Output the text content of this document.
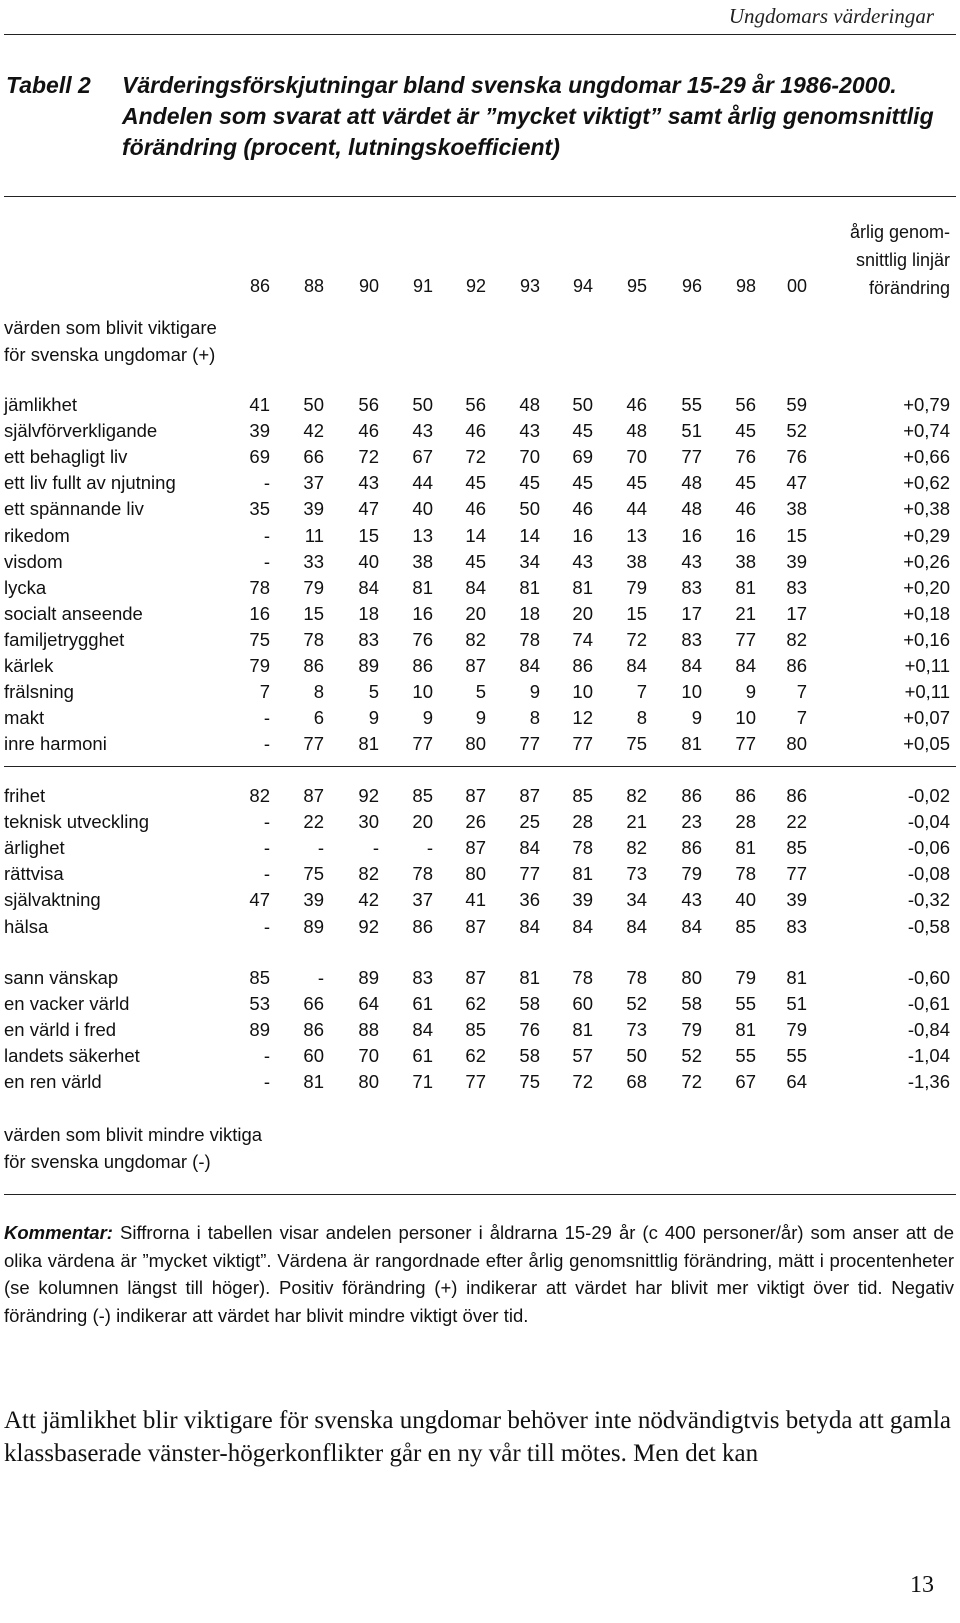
Ungdomars värderingar
Tabell 2	Värderingsförskjutningar bland svenska ungdomar 15-29 år 1986-2000. Andelen som svarat att värdet är ”mycket viktigt” samt årlig genomsnittlig förändring (procent, lutningskoefficient)
årlig genom-
snittlig linjär
förändring
värden som blivit viktigare
för svenska ungdomar (+)
värden som blivit mindre viktiga
för svenska ungdomar (-)
86	88	90	91	92	93	94	95	96	98	00
jämlikhet	41	50	56	50	56	48	50	46	55	56	59	+0,79
självförverkligande	39	42	46	43	46	43	45	48	51	45	52	+0,74
ett behagligt liv	69	66	72	67	72	70	69	70	77	76	76	+0,66
ett liv fullt av njutning	-	37	43	44	45	45	45	45	48	45	47	+0,62
ett spännande liv	35	39	47	40	46	50	46	44	48	46	38	+0,38
rikedom	-	11	15	13	14	14	16	13	16	16	15	+0,29
visdom	-	33	40	38	45	34	43	38	43	38	39	+0,26
lycka	78	79	84	81	84	81	81	79	83	81	83	+0,20
socialt anseende	16	15	18	16	20	18	20	15	17	21	17	+0,18
familjetrygghet	75	78	83	76	82	78	74	72	83	77	82	+0,16
kärlek	79	86	89	86	87	84	86	84	84	84	86	+0,11
frälsning	7	8	5	10	5	9	10	7	10	9	7	+0,11
makt	-	6	9	9	9	8	12	8	9	10	7	+0,07
inre harmoni	-	77	81	77	80	77	77	75	81	77	80	+0,05
frihet	82	87	92	85	87	87	85	82	86	86	86	-0,02
teknisk utveckling	-	22	30	20	26	25	28	21	23	28	22	-0,04
ärlighet	-	-	-	-	87	84	78	82	86	81	85	-0,06
rättvisa	-	75	82	78	80	77	81	73	79	78	77	-0,08
självaktning	47	39	42	37	41	36	39	34	43	40	39	-0,32
hälsa	-	89	92	86	87	84	84	84	84	85	83	-0,58
sann vänskap	85	-	89	83	87	81	78	78	80	79	81	-0,60
en vacker värld	53	66	64	61	62	58	60	52	58	55	51	-0,61
en värld i fred	89	86	88	84	85	76	81	73	79	81	79	-0,84
landets säkerhet	-	60	70	61	62	58	57	50	52	55	55	-1,04
en ren värld	-	81	80	71	77	75	72	68	72	67	64	-1,36
Kommentar: Siffrorna i tabellen visar andelen personer i åldrarna 15-29 år (c 400 personer/år) som anser att de olika värdena är ”mycket viktigt”. Värdena är rangordnade efter årlig genomsnittlig förändring, mätt i procentenheter (se kolumnen längst till höger). Positiv förändring (+) indikerar att värdet har blivit mer viktigt över tid. Negativ förändring (-) indikerar att värdet har blivit mindre viktigt över tid.
Att jämlikhet blir viktigare för svenska ungdomar behöver inte nödvändigtvis betyda att gamla klassbaserade vänster-högerkonflikter går en ny vår till mötes. Men det kan
13
